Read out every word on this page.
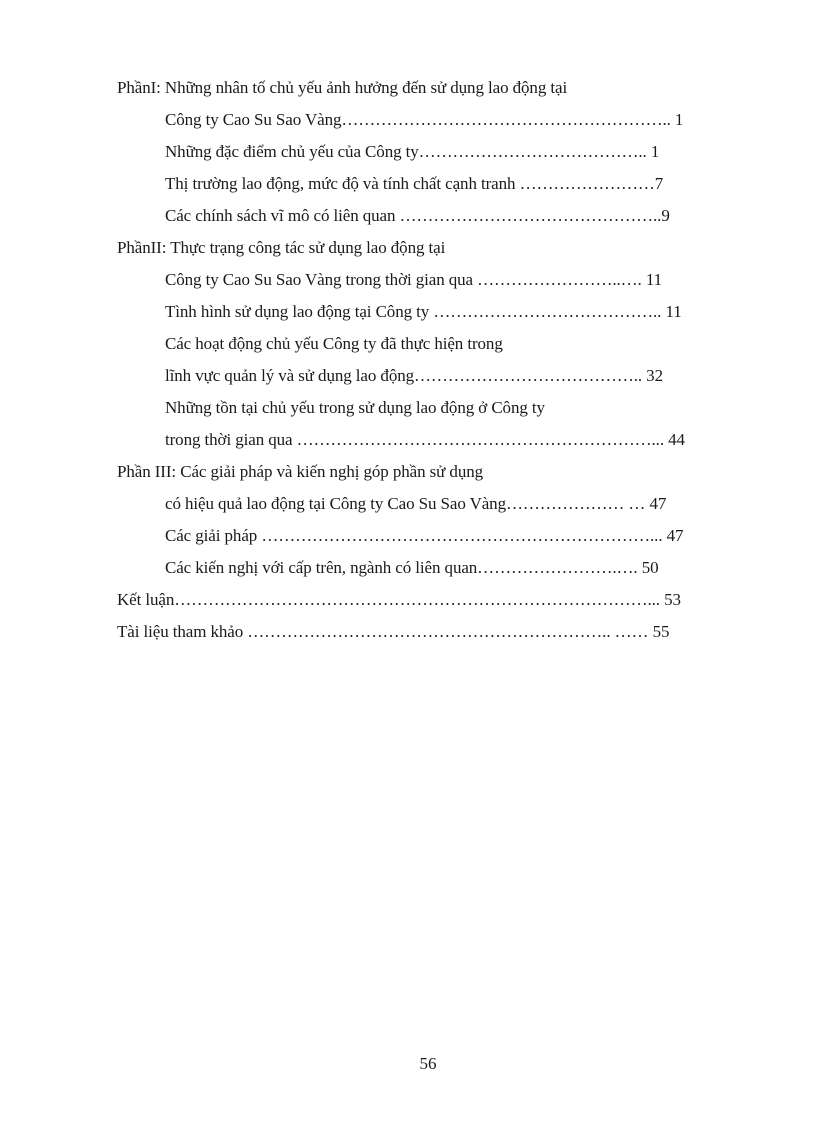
PhầnI: Những nhân tố chủ yếu ảnh hưởng đến sử dụng lao động tại
Công ty Cao Su Sao Vàng………………………………………………….. 1
Những đặc điểm chủ yếu của Công ty………………………………….. 1
Thị trường lao động, mức độ và tính chất cạnh tranh ……………………7
Các chính sách vĩ mô có liên quan ………………………………………..9
PhầnII: Thực trạng công tác sử dụng lao động tại
Công ty Cao Su Sao Vàng trong thời gian qua ……………………..…. 11
Tình hình sử dụng lao động tại Công ty ………………………………….. 11
Các hoạt động chủ yếu Công ty đã thực hiện trong
lĩnh vực quản lý và sử dụng lao động………………………………….. 32
Những tồn tại chủ yếu trong sử dụng lao động ở Công ty
trong thời gian qua ………………………………………………………... 44
Phần III: Các giải pháp và kiến nghị góp phần sử dụng
có hiệu quả lao động tại Công ty Cao Su Sao Vàng………………… … 47
Các giải pháp ……………………………………………………………... 47
Các kiến nghị với cấp trên, ngành có liên quan…………………….…. 50
Kết luận…………………………………………………………………………... 53
Tài liệu tham khảo ……………………………………………………….. …… 55
56
